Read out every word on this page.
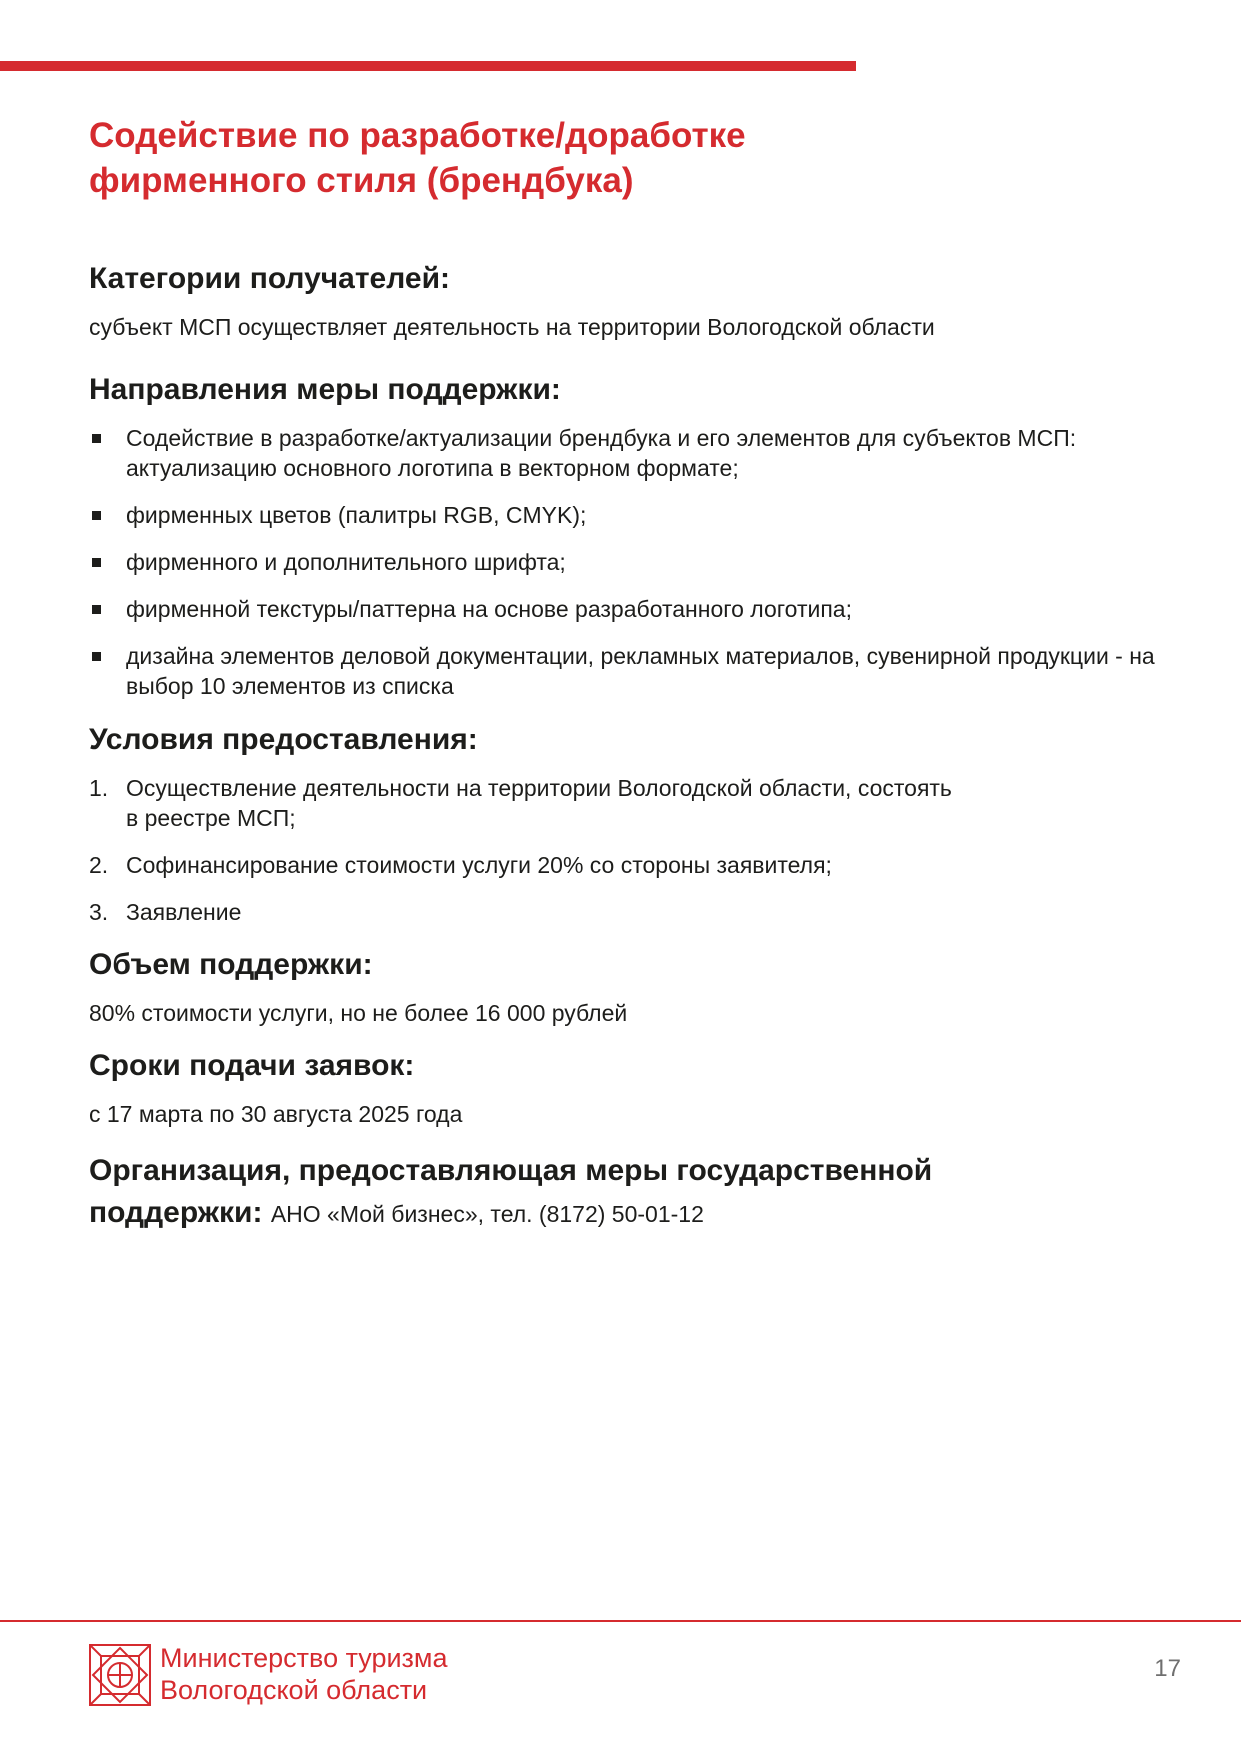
Содействие по разработке/доработке
фирменного стиля (брендбука)
Категории получателей:

субъект МСП осуществляет деятельность на территории Вологодской области

Направления меры поддержки:
Содействие в разработке/актуализации брендбука и его элементов для субъектов МСП: актуализацию основного логотипа в векторном формате;
фирменных цветов (палитры RGB, CMYK);
фирменного и дополнительного шрифта;
фирменной текстуры/паттерна на основе разработанного логотипа;
дизайна элементов деловой документации, рекламных материалов, сувенирной продукции - на выбор 10 элементов из списка
Условия предоставления:
1. Осуществление деятельности на территории Вологодской области, состоять
в реестре МСП;
2. Софинансирование стоимости услуги 20% со стороны заявителя;
3. Заявление
Объем поддержки:

80% стоимости услуги, но не более 16 000 рублей

Сроки подачи заявок:

с 17 марта по 30 августа 2025 года

Организация, предоставляющая меры государственной
поддержки: АНО «Мой бизнес», тел. (8172) 50-01-12
Министерство туризма
Вологодской области
17
